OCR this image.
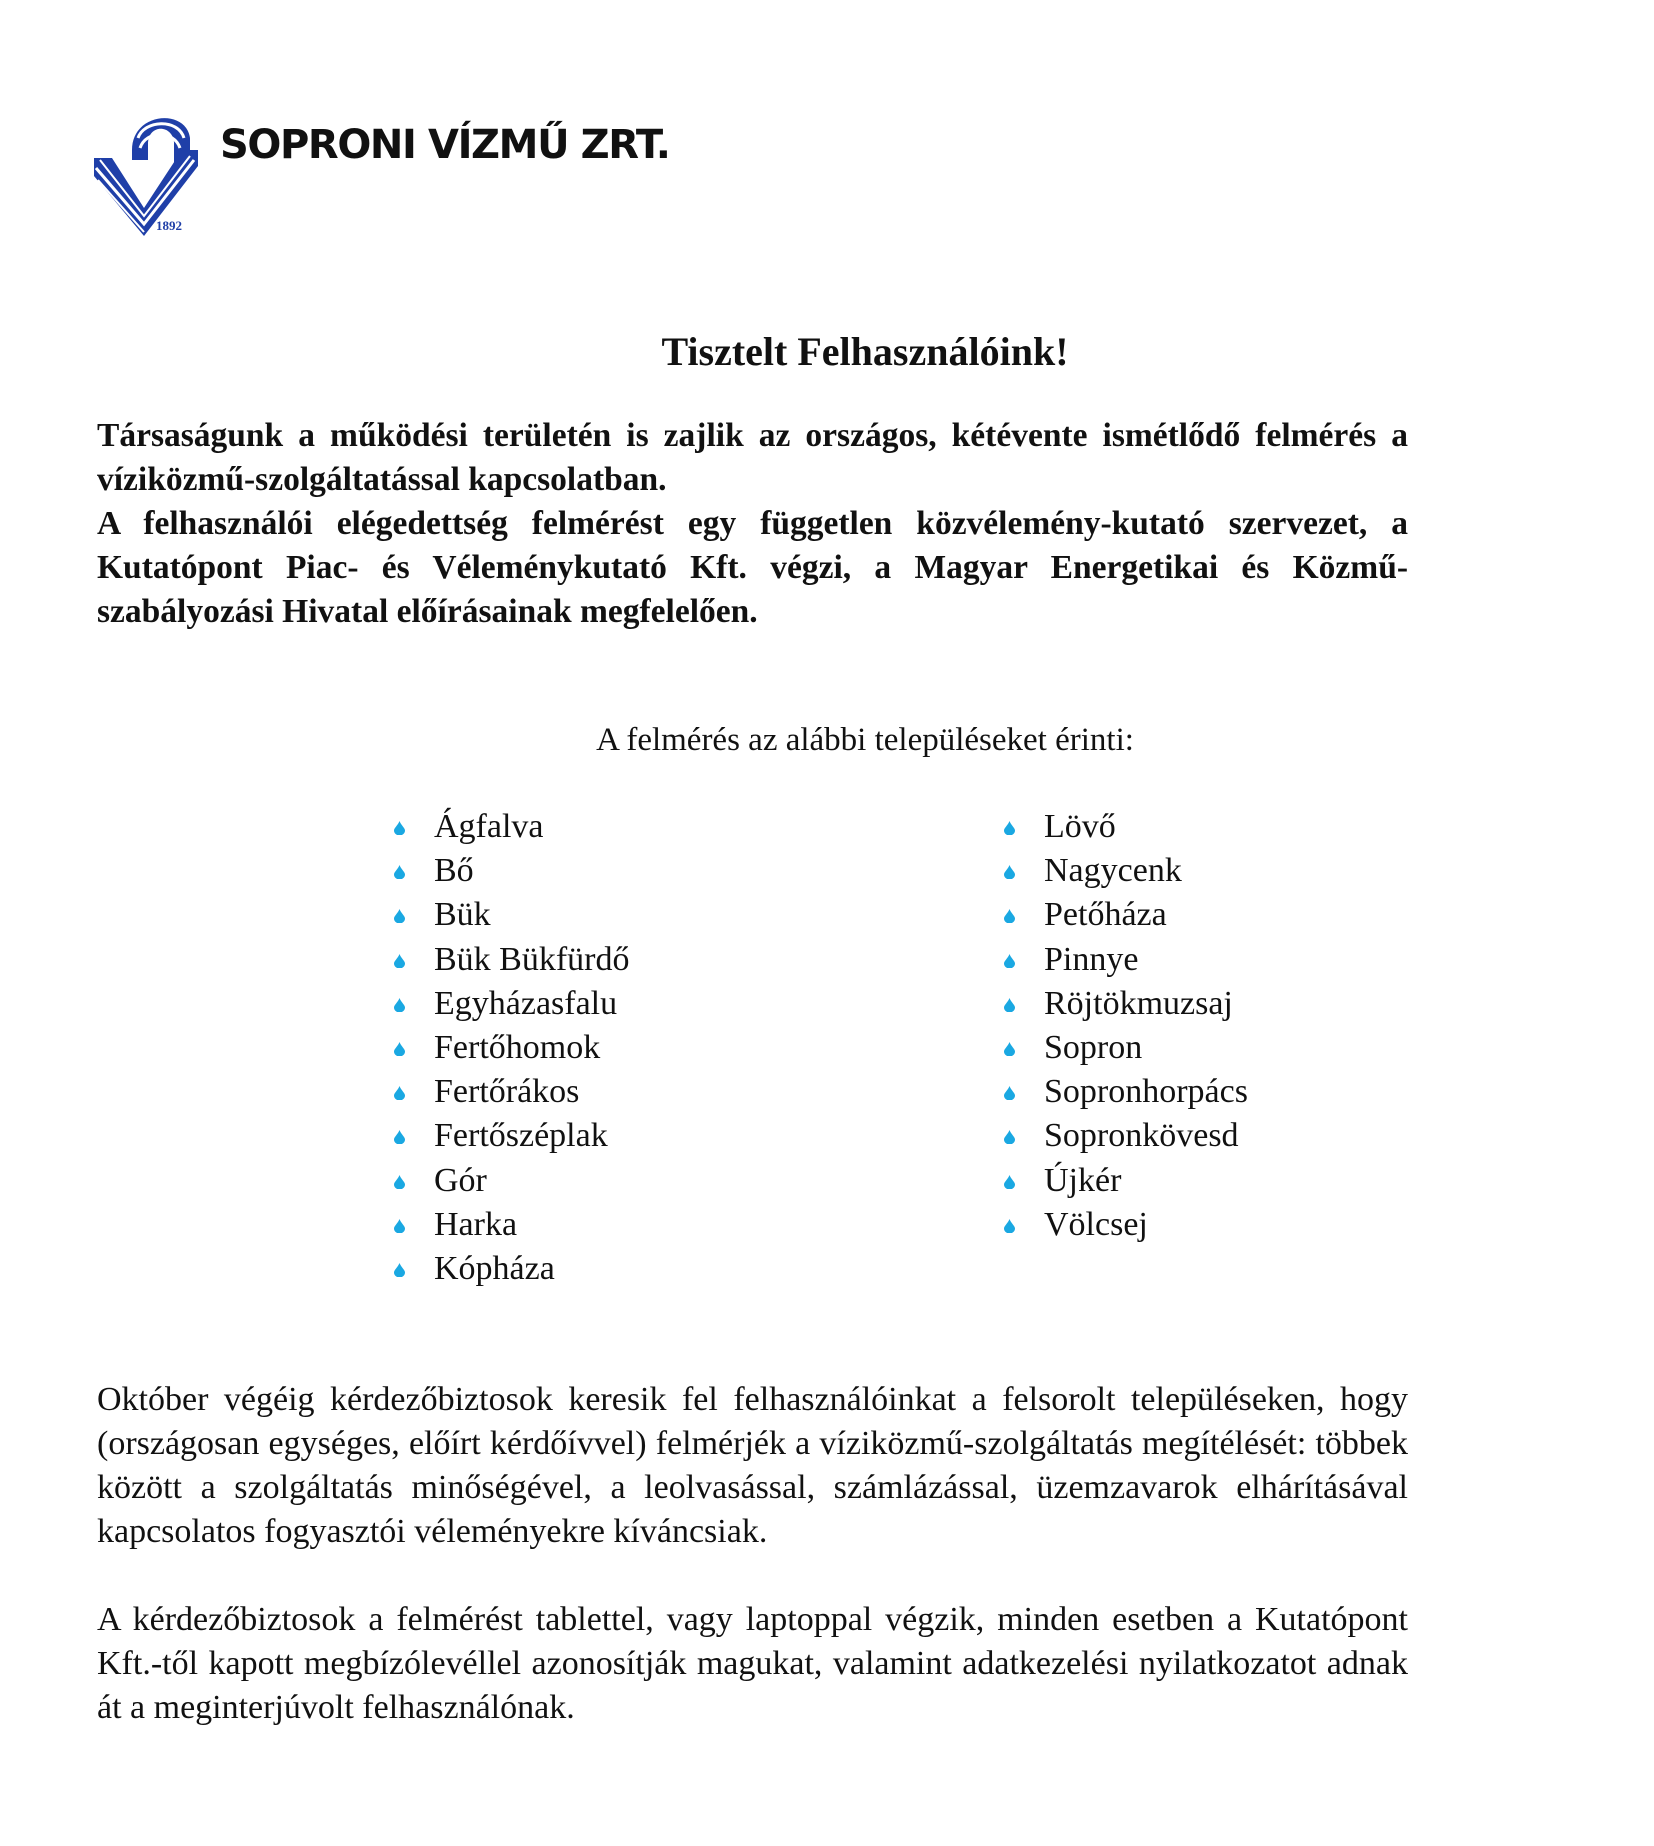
1892
SOPRONI VÍZMŰ ZRT.
Tisztelt Felhasználóink!

Társaságunk a működési területén is zajlik az országos, kétévente ismétlődő felmérés a víziközmű-szolgáltatással kapcsolatban.

A felhasználói elégedettség felmérést egy független közvélemény-kutató szervezet, a Kutatópont Piac- és Véleménykutató Kft. végzi, a Magyar Energetikai és Közmű-szabályozási Hivatal előírásainak megfelelően.

A felmérés az alábbi településeket érinti:
Ágfalva
Bő
Bük
Bük Bükfürdő
Egyházasfalu
Fertőhomok
Fertőrákos
Fertőszéplak
Gór
Harka
Kópháza
Lövő
Nagycenk
Petőháza
Pinnye
Röjtökmuzsaj
Sopron
Sopronhorpács
Sopronkövesd
Újkér
Völcsej

Október végéig kérdezőbiztosok keresik fel felhasználóinkat a felsorolt településeken, hogy (országosan egységes, előírt kérdőívvel) felmérjék a víziközmű-szolgáltatás megítélését: többek között a szolgáltatás minőségével, a leolvasással, számlázással, üzemzavarok elhárításával kapcsolatos fogyasztói véleményekre kíváncsiak.

A kérdezőbiztosok a felmérést tablettel, vagy laptoppal végzik, minden esetben a Kutatópont Kft.-től kapott megbízólevéllel azonosítják magukat, valamint adatkezelési nyilatkozatot adnak át a meginterjúvolt felhasználónak.
